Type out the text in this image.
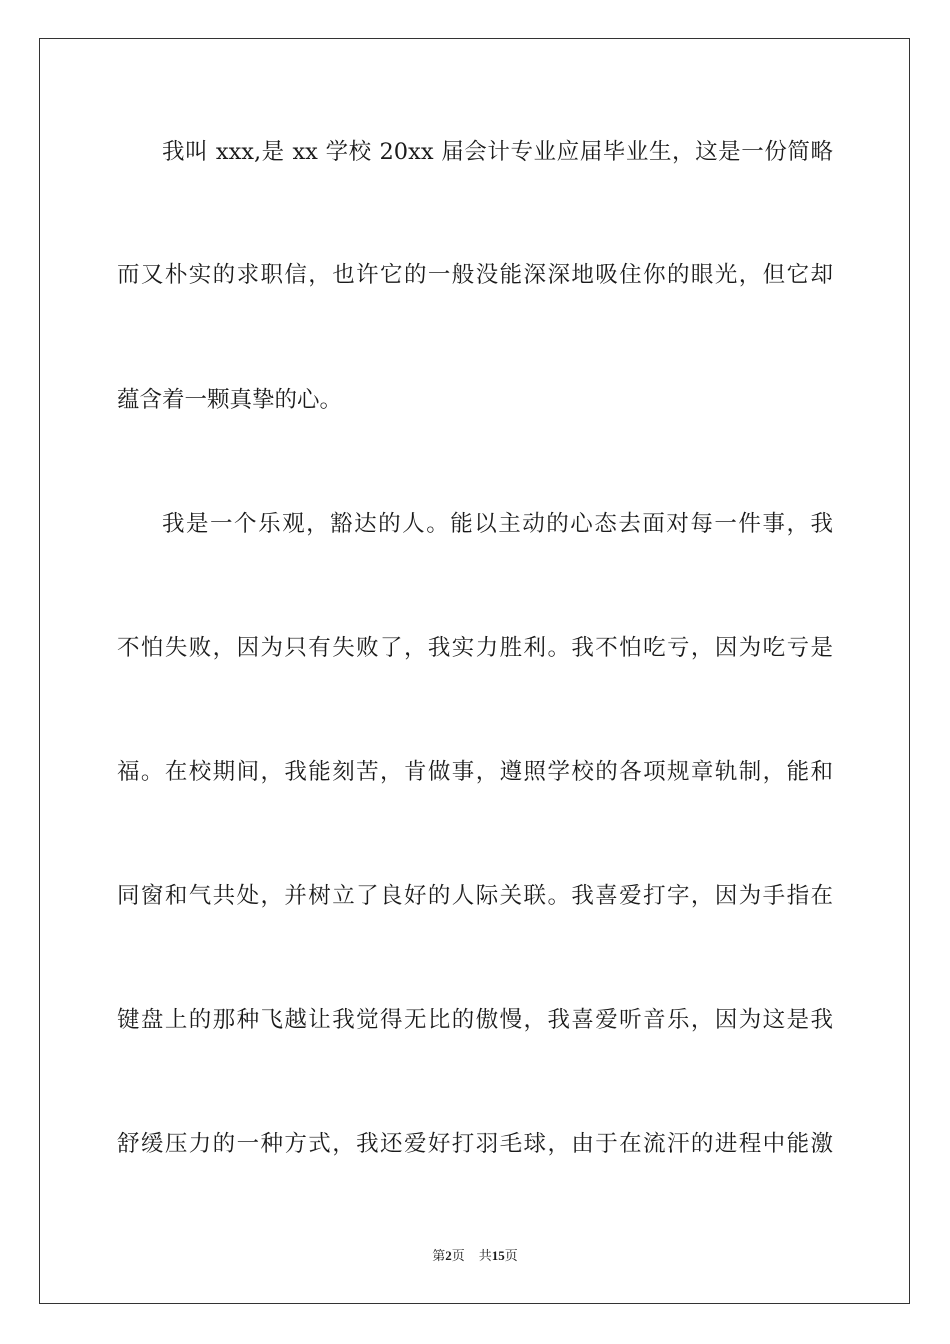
我叫 xxx,是 xx 学校 20xx 届会计专业应届毕业生，这是一份简略
而又朴实的求职信，也许它的一般没能深深地吸住你的眼光，但它却
蕴含着一颗真挚的心。
我是一个乐观，豁达的人。能以主动的心态去面对每一件事，我
不怕失败，因为只有失败了，我实力胜利。我不怕吃亏，因为吃亏是
福。在校期间，我能刻苦，肯做事，遵照学校的各项规章轨制，能和
同窗和气共处，并树立了良好的人际关联。我喜爱打字，因为手指在
键盘上的那种飞越让我觉得无比的傲慢，我喜爱听音乐，因为这是我
舒缓压力的一种方式，我还爱好打羽毛球，由于在流汗的进程中能激
第2页 共15页
